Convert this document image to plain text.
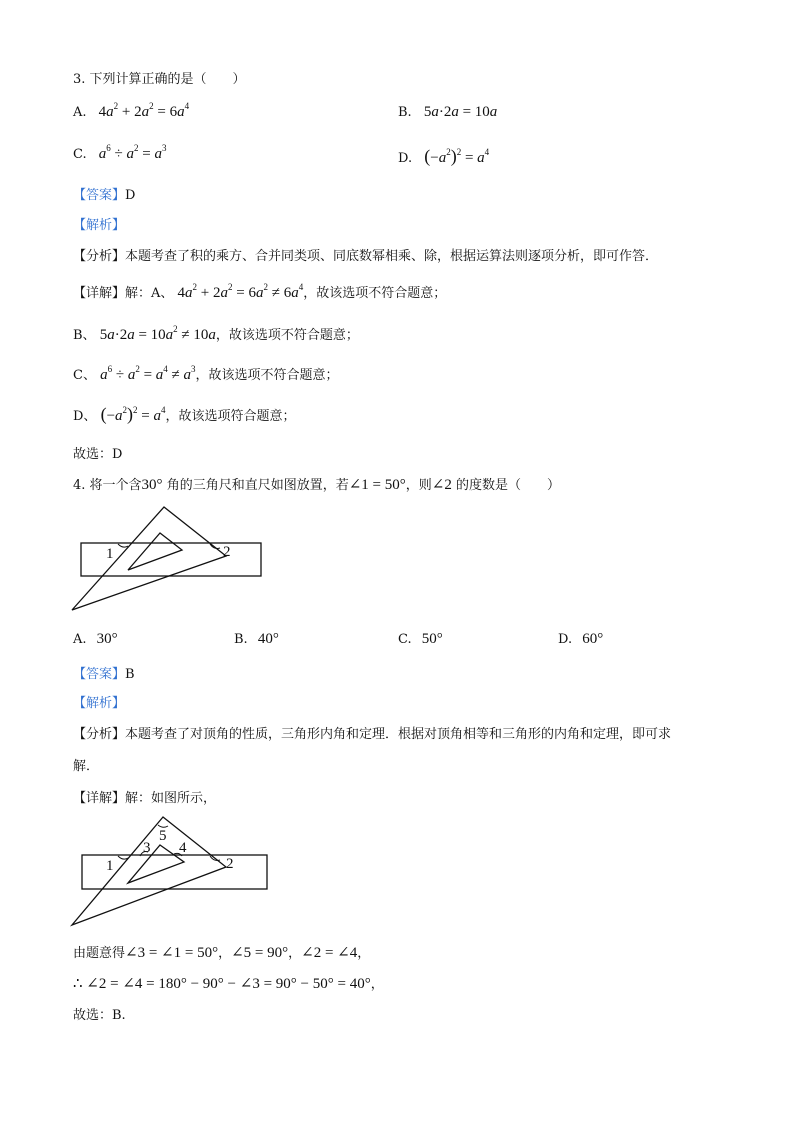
3. 下列计算正确的是（　　）
A. $4a^2 + 2a^2 = 6a^4$	B. 5a·2a = 10a
C. $a^6 \div a^2 = a^3$
D. $(-a^2)^2 = a^4$
【答案】D
【解析】
【分析】本题考查了积的乘方、合并同类项、同底数幂相乘、除，根据运算法则逐项分析，即可作答．
【详解】解：A、 $4a^2 + 2a^2 = 6a^2 \ne 6a^4$，故该选项不符合题意；
B、 $5a\cdot 2a = 10a^2 \ne 10a$，故该选项不符合题意；
C、 $a^6 \div a^2 = a^4 \ne a^3$，故该选项不符合题意；
D、 $(-a^2)^2 = a^4$，故该选项符合题意；
故选：D
4. 将一个含30° 角的三角尺和直尺如图放置，若∠1 = 50°，则∠2 的度数是（　　）
1	2
A. 30°	B. 40°	C. 50°	D. 60°
【答案】B
【解析】
【分析】本题考查了对顶角的性质，三角形内角和定理．根据对顶角相等和三角形的内角和定理，即可求
解．
【详解】解：如图所示，
1	2
3 4
5
由题意得∠3 = ∠1 = 50°，∠5 = 90°，∠2 = ∠4，
∴ ∠2 = ∠4 = 180° − 90° − ∠3 = 90° − 50° = 40°，
故选：B.
